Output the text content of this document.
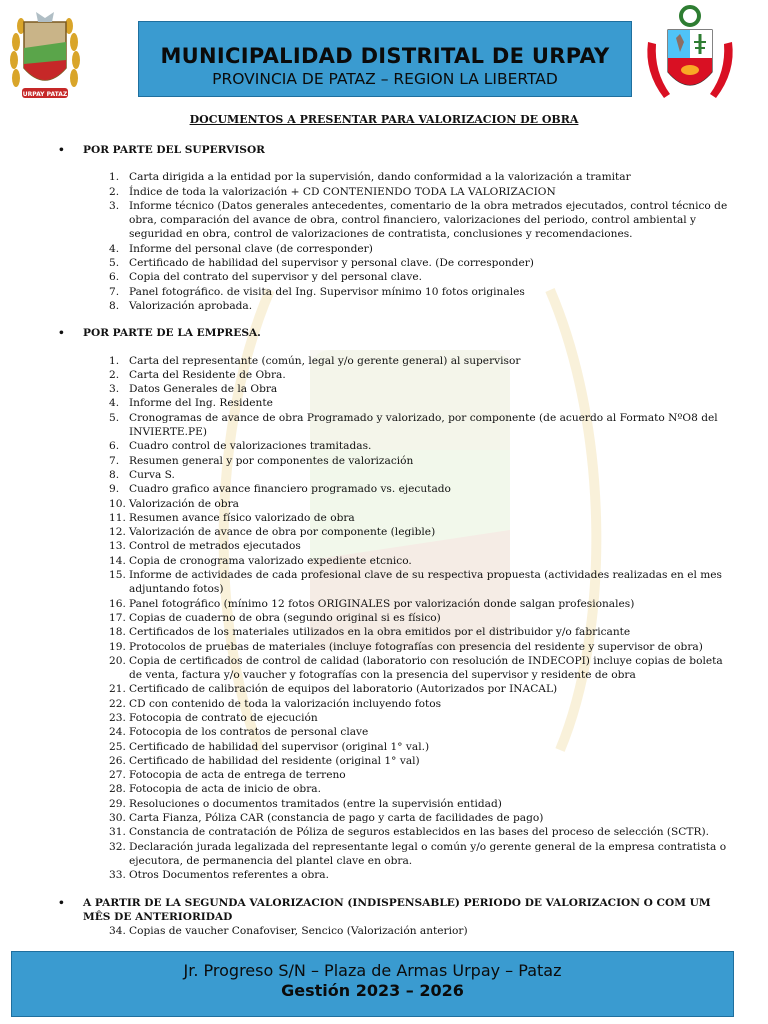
URPAY PATAZ
MUNICIPALIDAD DISTRITAL DE URPAY
PROVINCIA DE PATAZ – REGION LA LIBERTAD
DOCUMENTOS A PRESENTAR PARA VALORIZACION DE OBRA
•	POR PARTE DEL SUPERVISOR
1. Carta dirigida a la entidad por la supervisión, dando conformidad a la valorización a tramitar
2. Índice de toda la valorización + CD CONTENIENDO TODA LA VALORIZACION
3. Informe técnico (Datos generales antecedentes, comentario de la obra metrados ejecutados, control técnico de obra, comparación del avance de obra, control financiero, valorizaciones del periodo, control ambiental y seguridad en obra, control de valorizaciones de contratista, conclusiones y recomendaciones.
4. Informe del personal clave (de corresponder)
5. Certificado de habilidad del supervisor y personal clave. (De corresponder)
6. Copia del contrato del supervisor y del personal clave.
7. Panel fotográfico. de visita del Ing. Supervisor mínimo 10 fotos originales
8. Valorización aprobada.
•	POR PARTE DE LA EMPRESA.
1. Carta del representante (común, legal y/o gerente general) al supervisor
2. Carta del Residente de Obra.
3. Datos Generales de la Obra
4. Informe del Ing. Residente
5. Cronogramas de avance de obra Programado y valorizado, por componente (de acuerdo al Formato NºO8 del INVIERTE.PE)
6. Cuadro control de valorizaciones tramitadas.
7. Resumen general y por componentes de valorización
8. Curva S.
9. Cuadro grafico avance financiero programado vs. ejecutado
10. Valorización de obra
11. Resumen avance físico valorizado de obra
12. Valorización de avance de obra por componente (legible)
13. Control de metrados ejecutados
14. Copia de cronograma valorizado expediente etcnico.
15. Informe de actividades de cada profesional clave de su respectiva propuesta (actividades realizadas en el mes adjuntando fotos)
16. Panel fotográfico (mínimo 12 fotos ORIGINALES por valorización donde salgan profesionales)
17. Copias de cuaderno de obra (segundo original si es físico)
18. Certificados de los materiales utilizados en la obra emitidos por el distribuidor y/o fabricante
19. Protocolos de pruebas de materiales (incluye fotografías con presencia del residente y supervisor de obra)
20. Copia de certificados de control de calidad (laboratorio con resolución de INDECOPI) incluye copias de boleta de venta, factura y/o vaucher y fotografías con la presencia del supervisor y residente de obra
21. Certificado de calibración de equipos del laboratorio (Autorizados por INACAL)
22. CD con contenido de toda la valorización incluyendo fotos
23. Fotocopia de contrato de ejecución
24. Fotocopia de los contratos de personal clave
25. Certificado de habilidad del supervisor (original 1° val.)
26. Certificado de habilidad del residente (original 1° val)
27. Fotocopia de acta de entrega de terreno
28. Fotocopia de acta de inicio de obra.
29. Resoluciones o documentos tramitados (entre la supervisión entidad)
30. Carta Fianza, Póliza CAR (constancia de pago y carta de facilidades de pago)
31. Constancia de contratación de Póliza de seguros establecidos en las bases del proceso de selección (SCTR).
32. Declaración jurada legalizada del representante legal o común y/o gerente general de la empresa contratista o ejecutora, de permanencia del plantel clave en obra.
33. Otros Documentos referentes a obra.
•	A PARTIR DE LA SEGUNDA VALORIZACION (INDISPENSABLE) PERIODO DE VALORIZACION O COM UM MÊS DE ANTERIORIDAD
34. Copias de vaucher Conafoviser, Sencico (Valorización anterior)
Jr. Progreso S/N – Plaza de Armas Urpay – Pataz
Gestión 2023 – 2026
